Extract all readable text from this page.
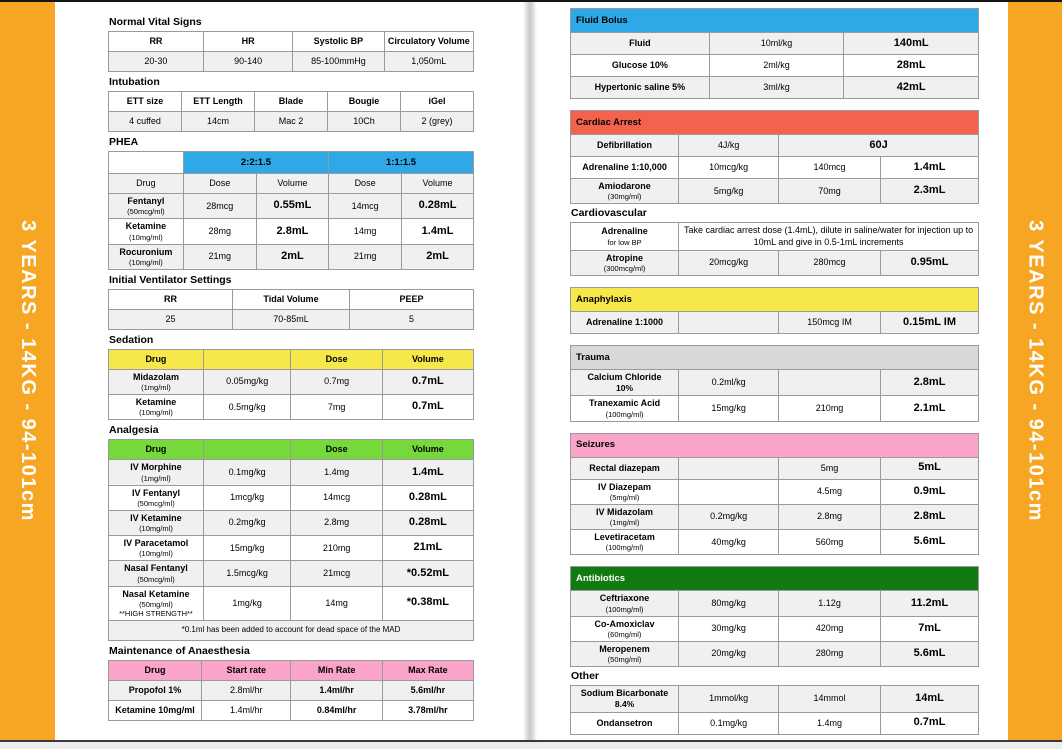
3 YEARS - 14KG - 94-101cm
Normal Vital Signs
RR	HR	Systolic BP	Circulatory Volume

20-30	90-140	85-100mmHg	1,050mL
Intubation
ETT size	ETT Length	Blade	Bougie	iGel

4 cuffed	14cm	Mac 2	10Ch	2 (grey)
PHEA

	2:2:1.5		1:1:1.5	

Drug	Dose	Volume	Dose	Volume

Fentanyl
(50mcg/ml)	28mcg	0.55mL	14mcg	0.28mL

Ketamine
(10mg/ml)	28mg	2.8mL	14mg	1.4mL

Rocuronium
(10mg/ml)	21mg	2mL	21mg	2mL
Initial Ventilator Settings
RR	Tidal Volume	PEEP

25	70-85mL	5
Sedation
Drug		Dose	Volume

Midazolam
(1mg/ml)	0.05mg/kg	0.7mg	0.7mL

Ketamine
(10mg/ml)	0.5mg/kg	7mg	0.7mL
Analgesia
Drug		Dose	Volume

IV Morphine
(1mg/ml)	0.1mg/kg	1.4mg	1.4mL

IV Fentanyl
(50mcg/ml)	1mcg/kg	14mcg	0.28mL

IV Ketamine
(10mg/ml)	0.2mg/kg	2.8mg	0.28mL

IV Paracetamol
(10mg/ml)	15mg/kg	210mg	21mL

Nasal Fentanyl
(50mcg/ml)	1.5mcg/kg	21mcg	*0.52mL

Nasal Ketamine
(50mg/ml)
**HIGH STRENGTH**	1mg/kg	14mg	*0.38mL

*0.1ml has been added to account for dead space of the MAD			
Maintenance of Anaesthesia
Drug	Start rate	Min Rate	Max Rate

Propofol 1%	2.8ml/hr	1.4ml/hr	5.6ml/hr

Ketamine 10mg/ml	1.4ml/hr	0.84ml/hr	3.78ml/hr
Fluid Bolus		

Fluid	10ml/kg	140mL

Glucose 10%	2ml/kg	28mL

Hypertonic saline 5%	3ml/kg	42mL
Cardiac Arrest			

Defibrillation	4J/kg	60J	

Adrenaline 1:10,000	10mcg/kg	140mcg	1.4mL

Amiodarone
(30mg/ml)	5mg/kg	70mg	2.3mL
Cardiovascular
Adrenaline
for low BP	Take cardiac arrest dose (1.4mL), dilute in saline/water for injection up to 10mL and give in 0.5-1mL increments		

Atropine
(300mcg/ml)	20mcg/kg	280mcg	0.95mL
Anaphylaxis

Adrenaline 1:1000		150mcg IM	0.15mL IM
Trauma			

Calcium Chloride
10%	0.2ml/kg		2.8mL

Tranexamic Acid
(100mg/ml)	15mg/kg	210mg	2.1mL
Seizures			

Rectal diazepam		5mg	5mL

IV Diazepam
(5mg/ml)		4.5mg	0.9mL

IV Midazolam
(1mg/ml)	0.2mg/kg	2.8mg	2.8mL

Levetiracetam
(100mg/ml)	40mg/kg	560mg	5.6mL
Antibiotics			

Ceftriaxone
(100mg/ml)	80mg/kg	1.12g	11.2mL

Co-Amoxiclav
(60mg/ml)	30mg/kg	420mg	7mL

Meropenem
(50mg/ml)	20mg/kg	280mg	5.6mL
Other
Sodium Bicarbonate
8.4%	1mmol/kg	14mmol	14mL

Ondansetron	0.1mg/kg	1.4mg	0.7mL
3 YEARS - 14KG - 94-101cm
